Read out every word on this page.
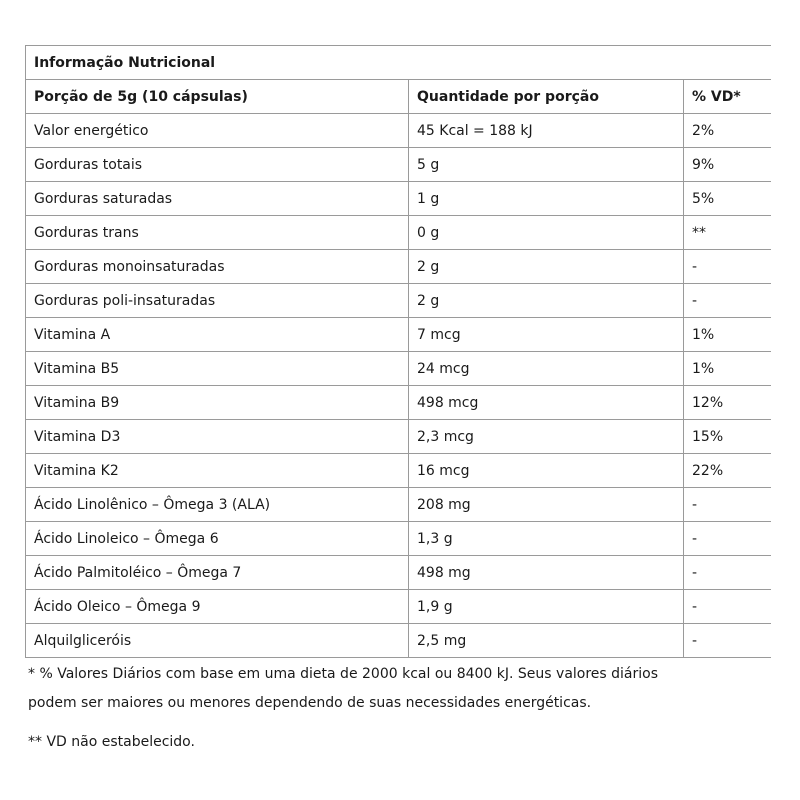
Informação Nutricional		
Porção de 5g (10 cápsulas)	Quantidade por porção	% VD*
Valor energético	45 Kcal = 188 kJ	2%
Gorduras totais	5 g	9%
Gorduras saturadas	1 g	5%
Gorduras trans	0 g	**
Gorduras monoinsaturadas	2 g	-
Gorduras poli-insaturadas	2 g	-
Vitamina A	7 mcg	1%
Vitamina B5	24 mcg	1%
Vitamina B9	498 mcg	12%
Vitamina D3	2,3 mcg	15%
Vitamina K2	16 mcg	22%
Ácido Linolênico – Ômega 3 (ALA)	208 mg	-
Ácido Linoleico – Ômega 6	1,3 g	-
Ácido Palmitoléico – Ômega 7	498 mg	-
Ácido Oleico – Ômega 9	1,9 g	-
Alquilgliceróis	2,5 mg	-

* % Valores Diários com base em uma dieta de 2000 kcal ou 8400 kJ. Seus valores diários

podem ser maiores ou menores dependendo de suas necessidades energéticas.

** VD não estabelecido.
